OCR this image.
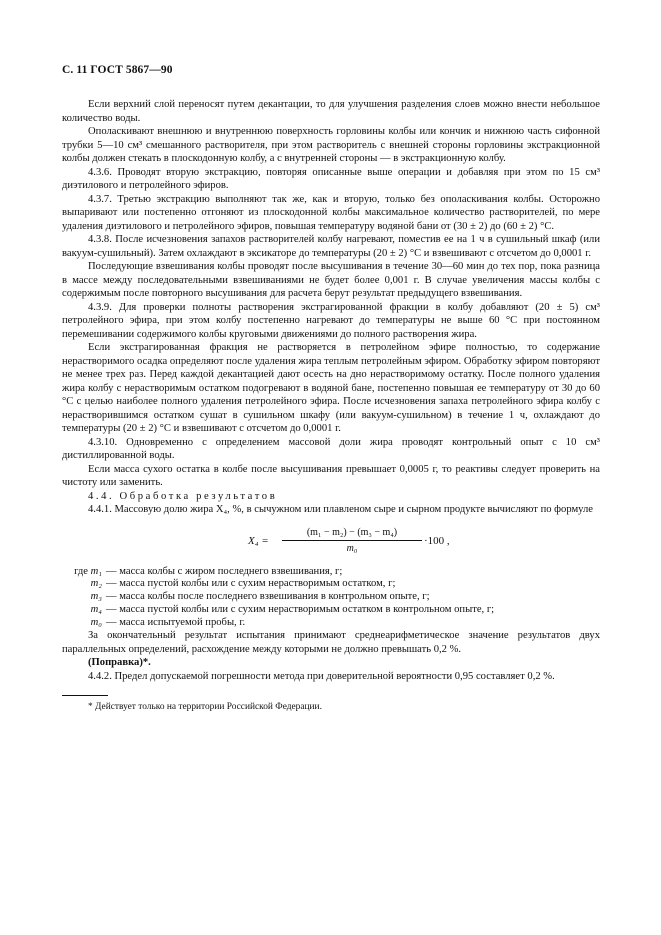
С. 11 ГОСТ 5867—90

Если верхний слой переносят путем декантации, то для улучшения разделения слоев можно внести небольшое количество воды.

Ополаскивают внешнюю и внутреннюю поверхность горловины колбы или кончик и нижнюю часть сифонной трубки 5—10 см³ смешанного растворителя, при этом растворитель с внешней стороны горловины экстракционной колбы должен стекать в плоскодонную колбу, а с внутренней стороны — в экстракционную колбу.

4.3.6. Проводят вторую экстракцию, повторяя описанные выше операции и добавляя при этом по 15 см³ диэтилового и петролейного эфиров.

4.3.7. Третью экстракцию выполняют так же, как и вторую, только без ополаскивания колбы. Осторожно выпаривают или постепенно отгоняют из плоскодонной колбы максимальное количество растворителей, по мере удаления диэтилового и петролейного эфиров, повышая температуру водяной бани от (30 ± 2) до (60 ± 2) °С.

4.3.8. После исчезновения запахов растворителей колбу нагревают, поместив ее на 1 ч в сушильный шкаф (или вакуум-сушильный). Затем охлаждают в эксикаторе до температуры (20 ± 2) °С и взвешивают с отсчетом до 0,0001 г.

Последующие взвешивания колбы проводят после высушивания в течение 30—60 мин до тех пор, пока разница в массе между последовательными взвешиваниями не будет более 0,001 г. В случае увеличения массы колбы с содержимым после повторного высушивания для расчета берут результат предыдущего взвешивания.

4.3.9. Для проверки полноты растворения экстрагированной фракции в колбу добавляют (20 ± 5) см³ петролейного эфира, при этом колбу постепенно нагревают до температуры не выше 60 °С при постоянном перемешивании содержимого колбы круговыми движениями до полного растворения жира.

Если экстрагированная фракция не растворяется в петролейном эфире полностью, то содержание нерастворимого осадка определяют после удаления жира теплым петролейным эфиром. Обработку эфиром повторяют не менее трех раз. Перед каждой декантацией дают осесть на дно нерастворимому остатку. После полного удаления жира колбу с нерастворимым остатком подогревают в водяной бане, постепенно повышая ее температуру от 30 до 60 °С с целью наиболее полного удаления петролейного эфира. После исчезновения запаха петролейного эфира колбу с нерастворившимся остатком сушат в сушильном шкафу (или вакуум-сушильном) в течение 1 ч, охлаждают до температуры (20 ± 2) °С и взвешивают с отсчетом до 0,0001 г.

4.3.10. Одновременно с определением массовой доли жира проводят контрольный опыт с 10 см³ дистиллированной воды.

Если масса сухого остатка в колбе после высушивания превышает 0,0005 г, то реактивы следует проверить на чистоту или заменить.

4.4. Обработка результатов

4.4.1. Массовую долю жира X₄, %, в сычужном или плавленом сыре и сырном продукте вычисляют по формуле

$X_4 = \frac{\text{(m₁ − m₂) − (m₃ − m₄)}}{\text{m₀}} \cdot 100$ ,
где m₁ — масса колбы с жиром последнего взвешивания, г;
m₂ — масса пустой колбы или с сухим нерастворимым остатком, г;
m₃ — масса колбы после последнего взвешивания в контрольном опыте, г;
m₄ — масса пустой колбы или с сухим нерастворимым остатком в контрольном опыте, г;
m₀ — масса испытуемой пробы, г.

За окончательный результат испытания принимают среднеарифметическое значение результатов двух параллельных определений, расхождение между которыми не должно превышать 0,2 %.

(Поправка)*.

4.4.2. Предел допускаемой погрешности метода при доверительной вероятности 0,95 составляет 0,2 %.

* Действует только на территории Российской Федерации.
